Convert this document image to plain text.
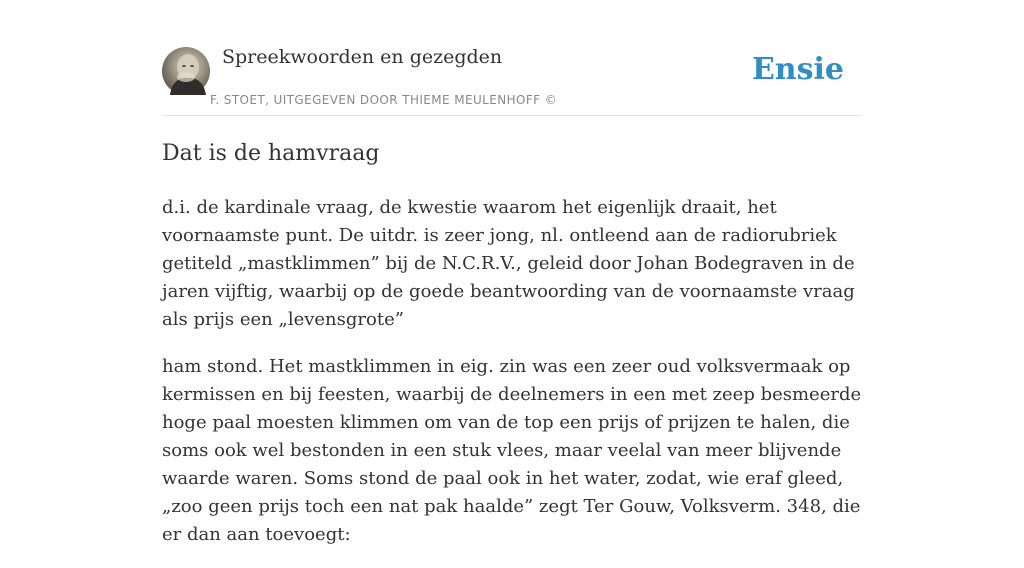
Spreekwoorden en gezegden
F. STOET, UITGEGEVEN DOOR THIEME MEULENHOFF ©
Ensie
Dat is de hamvraag

d.i. de kardinale vraag, de kwestie waarom het eigenlijk draait, het voornaamste punt. De uitdr. is zeer jong, nl. ontleend aan de radiorubriek getiteld „mastklimmen” bij de N.C.R.V., geleid door Johan Bodegraven in de jaren vijftig, waarbij op de goede beantwoording van de voornaamste vraag als prijs een „levensgrote”

ham stond. Het mastklimmen in eig. zin was een zeer oud volksvermaak op kermissen en bij feesten, waarbij de deelnemers in een met zeep besmeerde hoge paal moesten klimmen om van de top een prijs of prijzen te halen, die soms ook wel bestonden in een stuk vlees, maar veelal van meer blijvende waarde waren. Soms stond de paal ook in het water, zodat, wie eraf gleed, „zoo geen prijs toch een nat pak haalde” zegt Ter Gouw, Volksverm. 348, die er dan aan toevoegt:
